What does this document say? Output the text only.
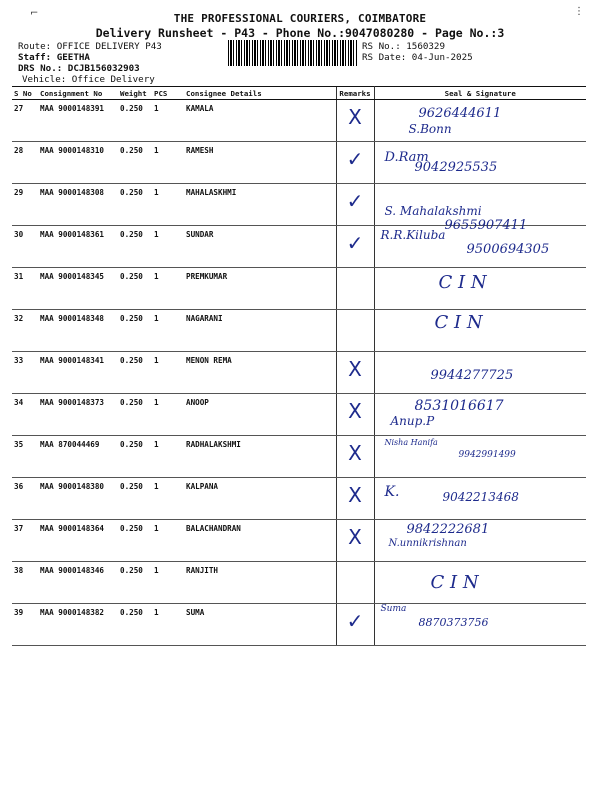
⌐	⋮
THE PROFESSIONAL COURIERS, COIMBATORE
Delivery Runsheet - P43 - Phone No.:9047080280 - Page No.:3
Route: OFFICE DELIVERY P43
Staff: GEETHA
DRS No.: DCJB156032903
Vehicle: Office Delivery
RS No.: 1560329
RS Date: 04-Jun-2025
S No	Consignment No	Weight	PCS	Consignee Details	Remarks	Seal & Signature
27	MAA 9000148391	0.250	1	KAMALA	X	9626444611
S.Bonn

28	MAA 9000148310	0.250	1	RAMESH	✓	9042925535
D.Ram

29	MAA 9000148308	0.250	1	MAHALASKHMI	✓	S. Mahalakshmi
9655907411

30	MAA 9000148361	0.250	1	SUNDAR	✓	R.R.Kiluba
9500694305

31	MAA 9000148345	0.250	1	PREMKUMAR		C I N

32	MAA 9000148348	0.250	1	NAGARANI		C I N

33	MAA 9000148341	0.250	1	MENON REMA	X	9944277725

34	MAA 9000148373	0.250	1	ANOOP	X	8531016617
Anup.P

35	MAA 870044469	0.250	1	RADHALAKSHMI	X	Nisha Hanifa
9942991499

36	MAA 9000148380	0.250	1	KALPANA	X	9042213468
K.

37	MAA 9000148364	0.250	1	BALACHANDRAN	X	9842222681
N.unnikrishnan

38	MAA 9000148346	0.250	1	RANJITH		C I N

39	MAA 9000148382	0.250	1	SUMA	✓	Suma
8870373756
